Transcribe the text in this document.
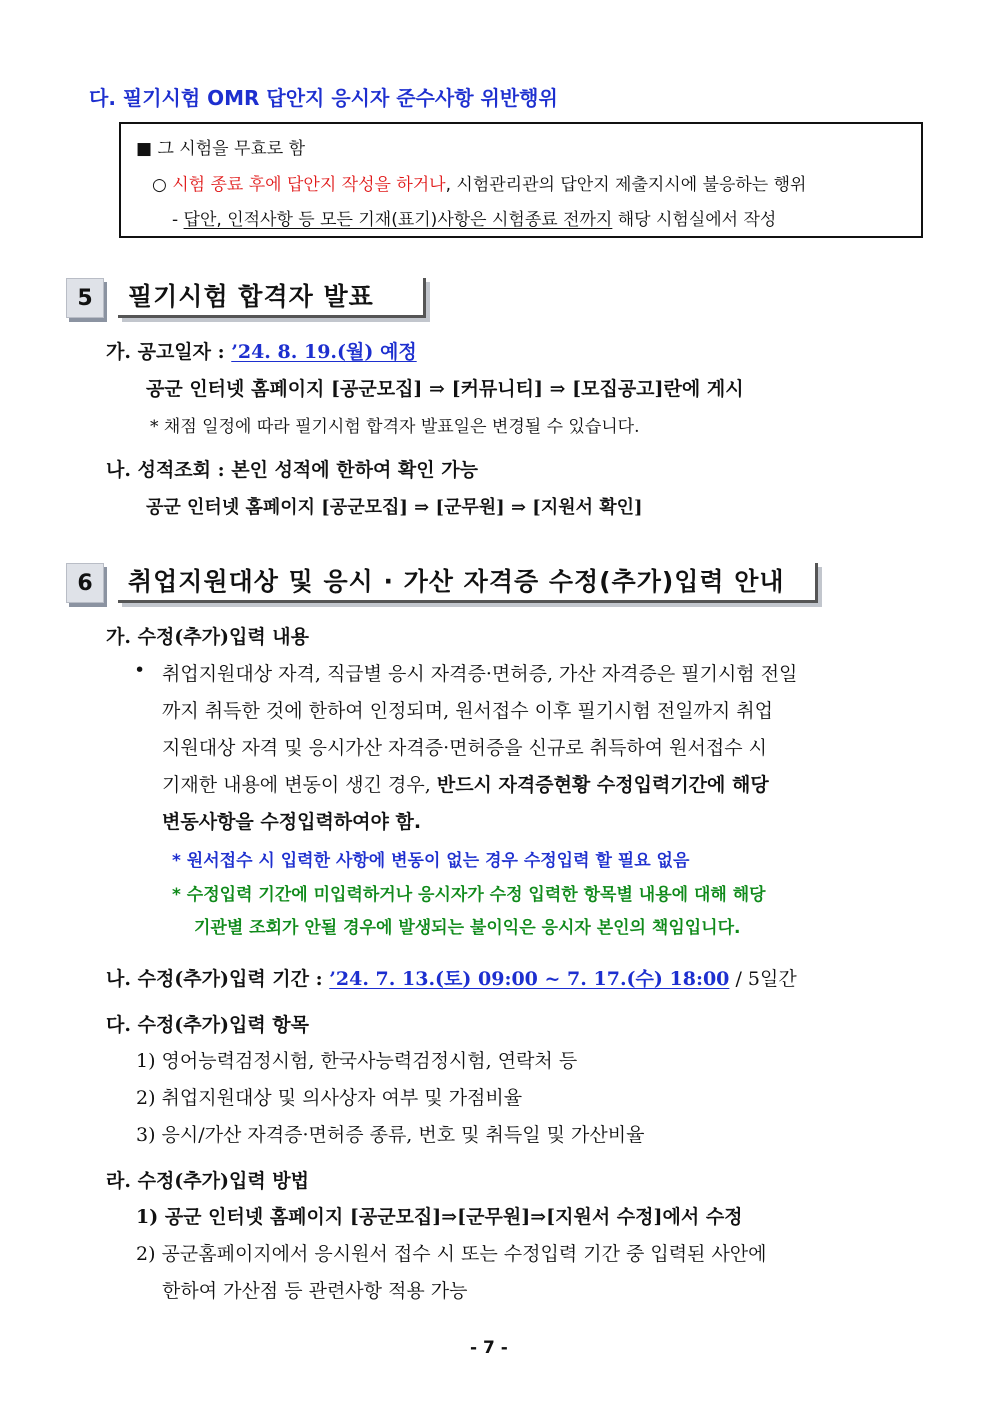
다. 필기시험 OMR 답안지 응시자 준수사항 위반행위
■ 그 시험을 무효로 함
○ 시험 종료 후에 답안지 작성을 하거나, 시험관리관의 답안지 제출지시에 불응하는 행위
- 답안, 인적사항 등 모든 기재(표기)사항은 시험종료 전까지 해당 시험실에서 작성
5	필기시험 합격자 발표
가. 공고일자 : ’24. 8. 19.(월) 예정
공군 인터넷 홈페이지 [공군모집] ⇒ [커뮤니티] ⇒ [모집공고]란에 게시
* 채점 일정에 따라 필기시험 합격자 발표일은 변경될 수 있습니다.
나. 성적조회 : 본인 성적에 한하여 확인 가능
공군 인터넷 홈페이지 [공군모집] ⇒ [군무원] ⇒ [지원서 확인]
6	취업지원대상 및 응시 · 가산 자격증 수정(추가)입력 안내
가. 수정(추가)입력 내용
• 취업지원대상 자격, 직급별 응시 자격증·면허증, 가산 자격증은 필기시험 전일
까지 취득한 것에 한하여 인정되며, 원서접수 이후 필기시험 전일까지 취업
지원대상 자격 및 응시가산 자격증·면허증을 신규로 취득하여 원서접수 시
기재한 내용에 변동이 생긴 경우, 반드시 자격증현황 수정입력기간에 해당
변동사항을 수정입력하여야 함.
* 원서접수 시 입력한 사항에 변동이 없는 경우 수정입력 할 필요 없음
* 수정입력 기간에 미입력하거나 응시자가 수정 입력한 항목별 내용에 대해 해당
기관별 조회가 안될 경우에 발생되는 불이익은 응시자 본인의 책임입니다.
나. 수정(추가)입력 기간 : ’24. 7. 13.(토) 09:00 ~ 7. 17.(수) 18:00 / 5일간
다. 수정(추가)입력 항목
1) 영어능력검정시험, 한국사능력검정시험, 연락처 등
2) 취업지원대상 및 의사상자 여부 및 가점비율
3) 응시/가산 자격증·면허증 종류, 번호 및 취득일 및 가산비율
라. 수정(추가)입력 방법
1) 공군 인터넷 홈페이지 [공군모집]⇒[군무원]⇒[지원서 수정]에서 수정
2) 공군홈페이지에서 응시원서 접수 시 또는 수정입력 기간 중 입력된 사안에
한하여 가산점 등 관련사항 적용 가능
- 7 -
